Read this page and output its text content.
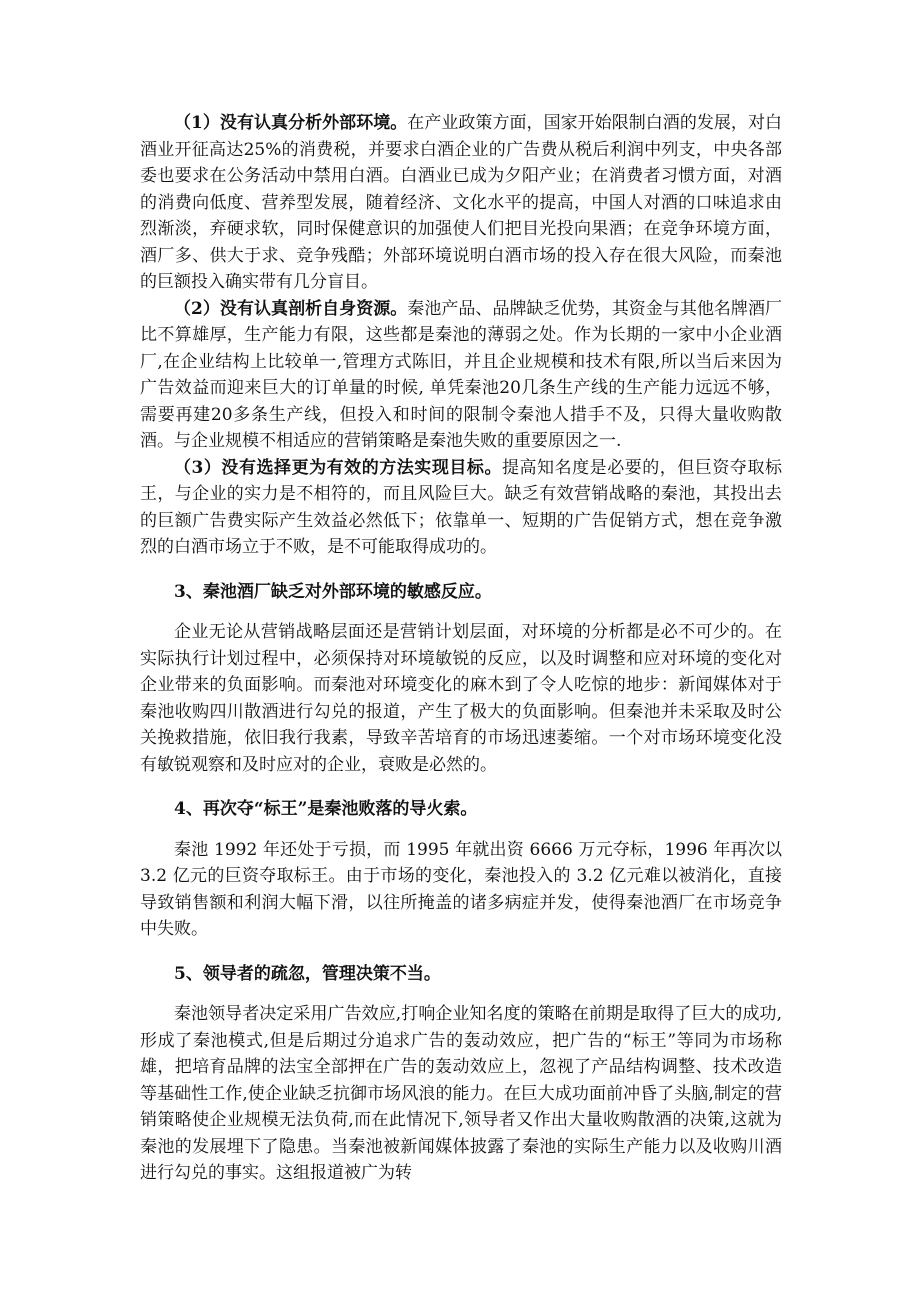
（1）没有认真分析外部环境。在产业政策方面，国家开始限制白酒的发展，对白酒业开征高达25%的消费税，并要求白酒企业的广告费从税后利润中列支，中央各部委也要求在公务活动中禁用白酒。白酒业已成为夕阳产业；在消费者习惯方面，对酒的消费向低度、营养型发展，随着经济、文化水平的提高，中国人对酒的口味追求由烈渐淡，弃硬求软，同时保健意识的加强使人们把目光投向果酒；在竞争环境方面，酒厂多、供大于求、竞争残酷；外部环境说明白酒市场的投入存在很大风险，而秦池的巨额投入确实带有几分盲目。

（2）没有认真剖析自身资源。秦池产品、品牌缺乏优势，其资金与其他名牌酒厂比不算雄厚，生产能力有限，这些都是秦池的薄弱之处。作为长期的一家中小企业酒厂,在企业结构上比较单一,管理方式陈旧，并且企业规模和技术有限,所以当后来因为广告效益而迎来巨大的订单量的时候, 单凭秦池20几条生产线的生产能力远远不够，需要再建20多条生产线，但投入和时间的限制令秦池人措手不及，只得大量收购散酒。与企业规模不相适应的营销策略是秦池失败的重要原因之一.

（3）没有选择更为有效的方法实现目标。提高知名度是必要的，但巨资夺取标王，与企业的实力是不相符的，而且风险巨大。缺乏有效营销战略的秦池，其投出去的巨额广告费实际产生效益必然低下；依靠单一、短期的广告促销方式，想在竞争激烈的白酒市场立于不败，是不可能取得成功的。

3、秦池酒厂缺乏对外部环境的敏感反应。

企业无论从营销战略层面还是营销计划层面，对环境的分析都是必不可少的。在实际执行计划过程中，必须保持对环境敏锐的反应，以及时调整和应对环境的变化对企业带来的负面影响。而秦池对环境变化的麻木到了令人吃惊的地步：新闻媒体对于秦池收购四川散酒进行勾兑的报道，产生了极大的负面影响。但秦池并未采取及时公关挽救措施，依旧我行我素，导致辛苦培育的市场迅速萎缩。一个对市场环境变化没有敏锐观察和及时应对的企业，衰败是必然的。

4、再次夺“标王”是秦池败落的导火索。

秦池 1992 年还处于亏损，而 1995 年就出资 6666 万元夺标，1996 年再次以 3.2 亿元的巨资夺取标王。由于市场的变化，秦池投入的 3.2 亿元难以被消化，直接导致销售额和利润大幅下滑，以往所掩盖的诸多病症并发，使得秦池酒厂在市场竞争中失败。

5、领导者的疏忽，管理决策不当。

秦池领导者决定采用广告效应,打响企业知名度的策略在前期是取得了巨大的成功,形成了秦池模式,但是后期过分追求广告的轰动效应，把广告的“标王”等同为市场称雄，把培育品牌的法宝全部押在广告的轰动效应上，忽视了产品结构调整、技术改造等基础性工作,使企业缺乏抗御市场风浪的能力。在巨大成功面前冲昏了头脑,制定的营销策略使企业规模无法负荷,而在此情况下,领导者又作出大量收购散酒的决策,这就为秦池的发展埋下了隐患。当秦池被新闻媒体披露了秦池的实际生产能力以及收购川酒进行勾兑的事实。这组报道被广为转
